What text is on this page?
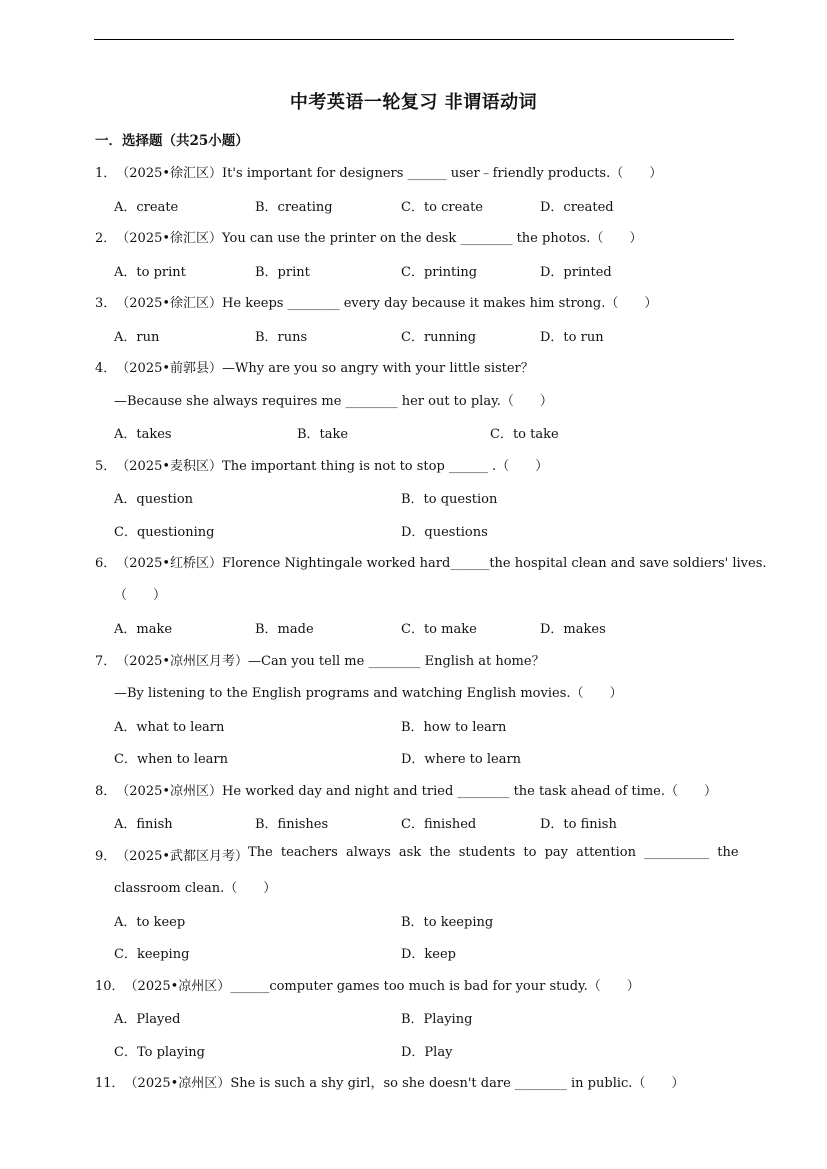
中考英语一轮复习 非谓语动词
一．选择题（共25小题）
1．（2025•徐汇区）It's important for designers ______ user﹣friendly products.（　　）
A．create	B．creating	C．to create	D．created
2．（2025•徐汇区）You can use the printer on the desk ________ the photos.（　　）
A．to print	B．print	C．printing	D．printed
3．（2025•徐汇区）He keeps ________ every day because it makes him strong.（　　）
A．run	B．runs	C．running	D．to run
4．（2025•前郭县）—Why are you so angry with your little sister？
—Because she always requires me ________ her out to play.（　　）
A．takes	B．take	C．to take
5．（2025•麦积区）The important thing is not to stop ______ .（　　）
A．question	B．to question
C．questioning	D．questions
6．（2025•红桥区）Florence Nightingale worked hard______the hospital clean and save soldiers' lives.
（　　）
A．make	B．made	C．to make	D．makes
7．（2025•凉州区月考）—Can you tell me ________ English at home？
—By listening to the English programs and watching English movies.（　　）
A．what to learn	B．how to learn
C．when to learn	D．where to learn
8．（2025•凉州区）He worked day and night and tried ________ the task ahead of time.（　　）
A．finish	B．finishes	C．finished	D．to finish
9．（2025•武都区月考） The teachers always ask the students to pay attention __________ the
classroom clean.（　　）
A．to keep	B．to keeping
C．keeping	D．keep
10．（2025•凉州区）______computer games too much is bad for your study.（　　）
A．Played	B．Playing
C．To playing	D．Play
11．（2025•凉州区）She is such a shy girl，so she doesn't dare ________ in public.（　　）
